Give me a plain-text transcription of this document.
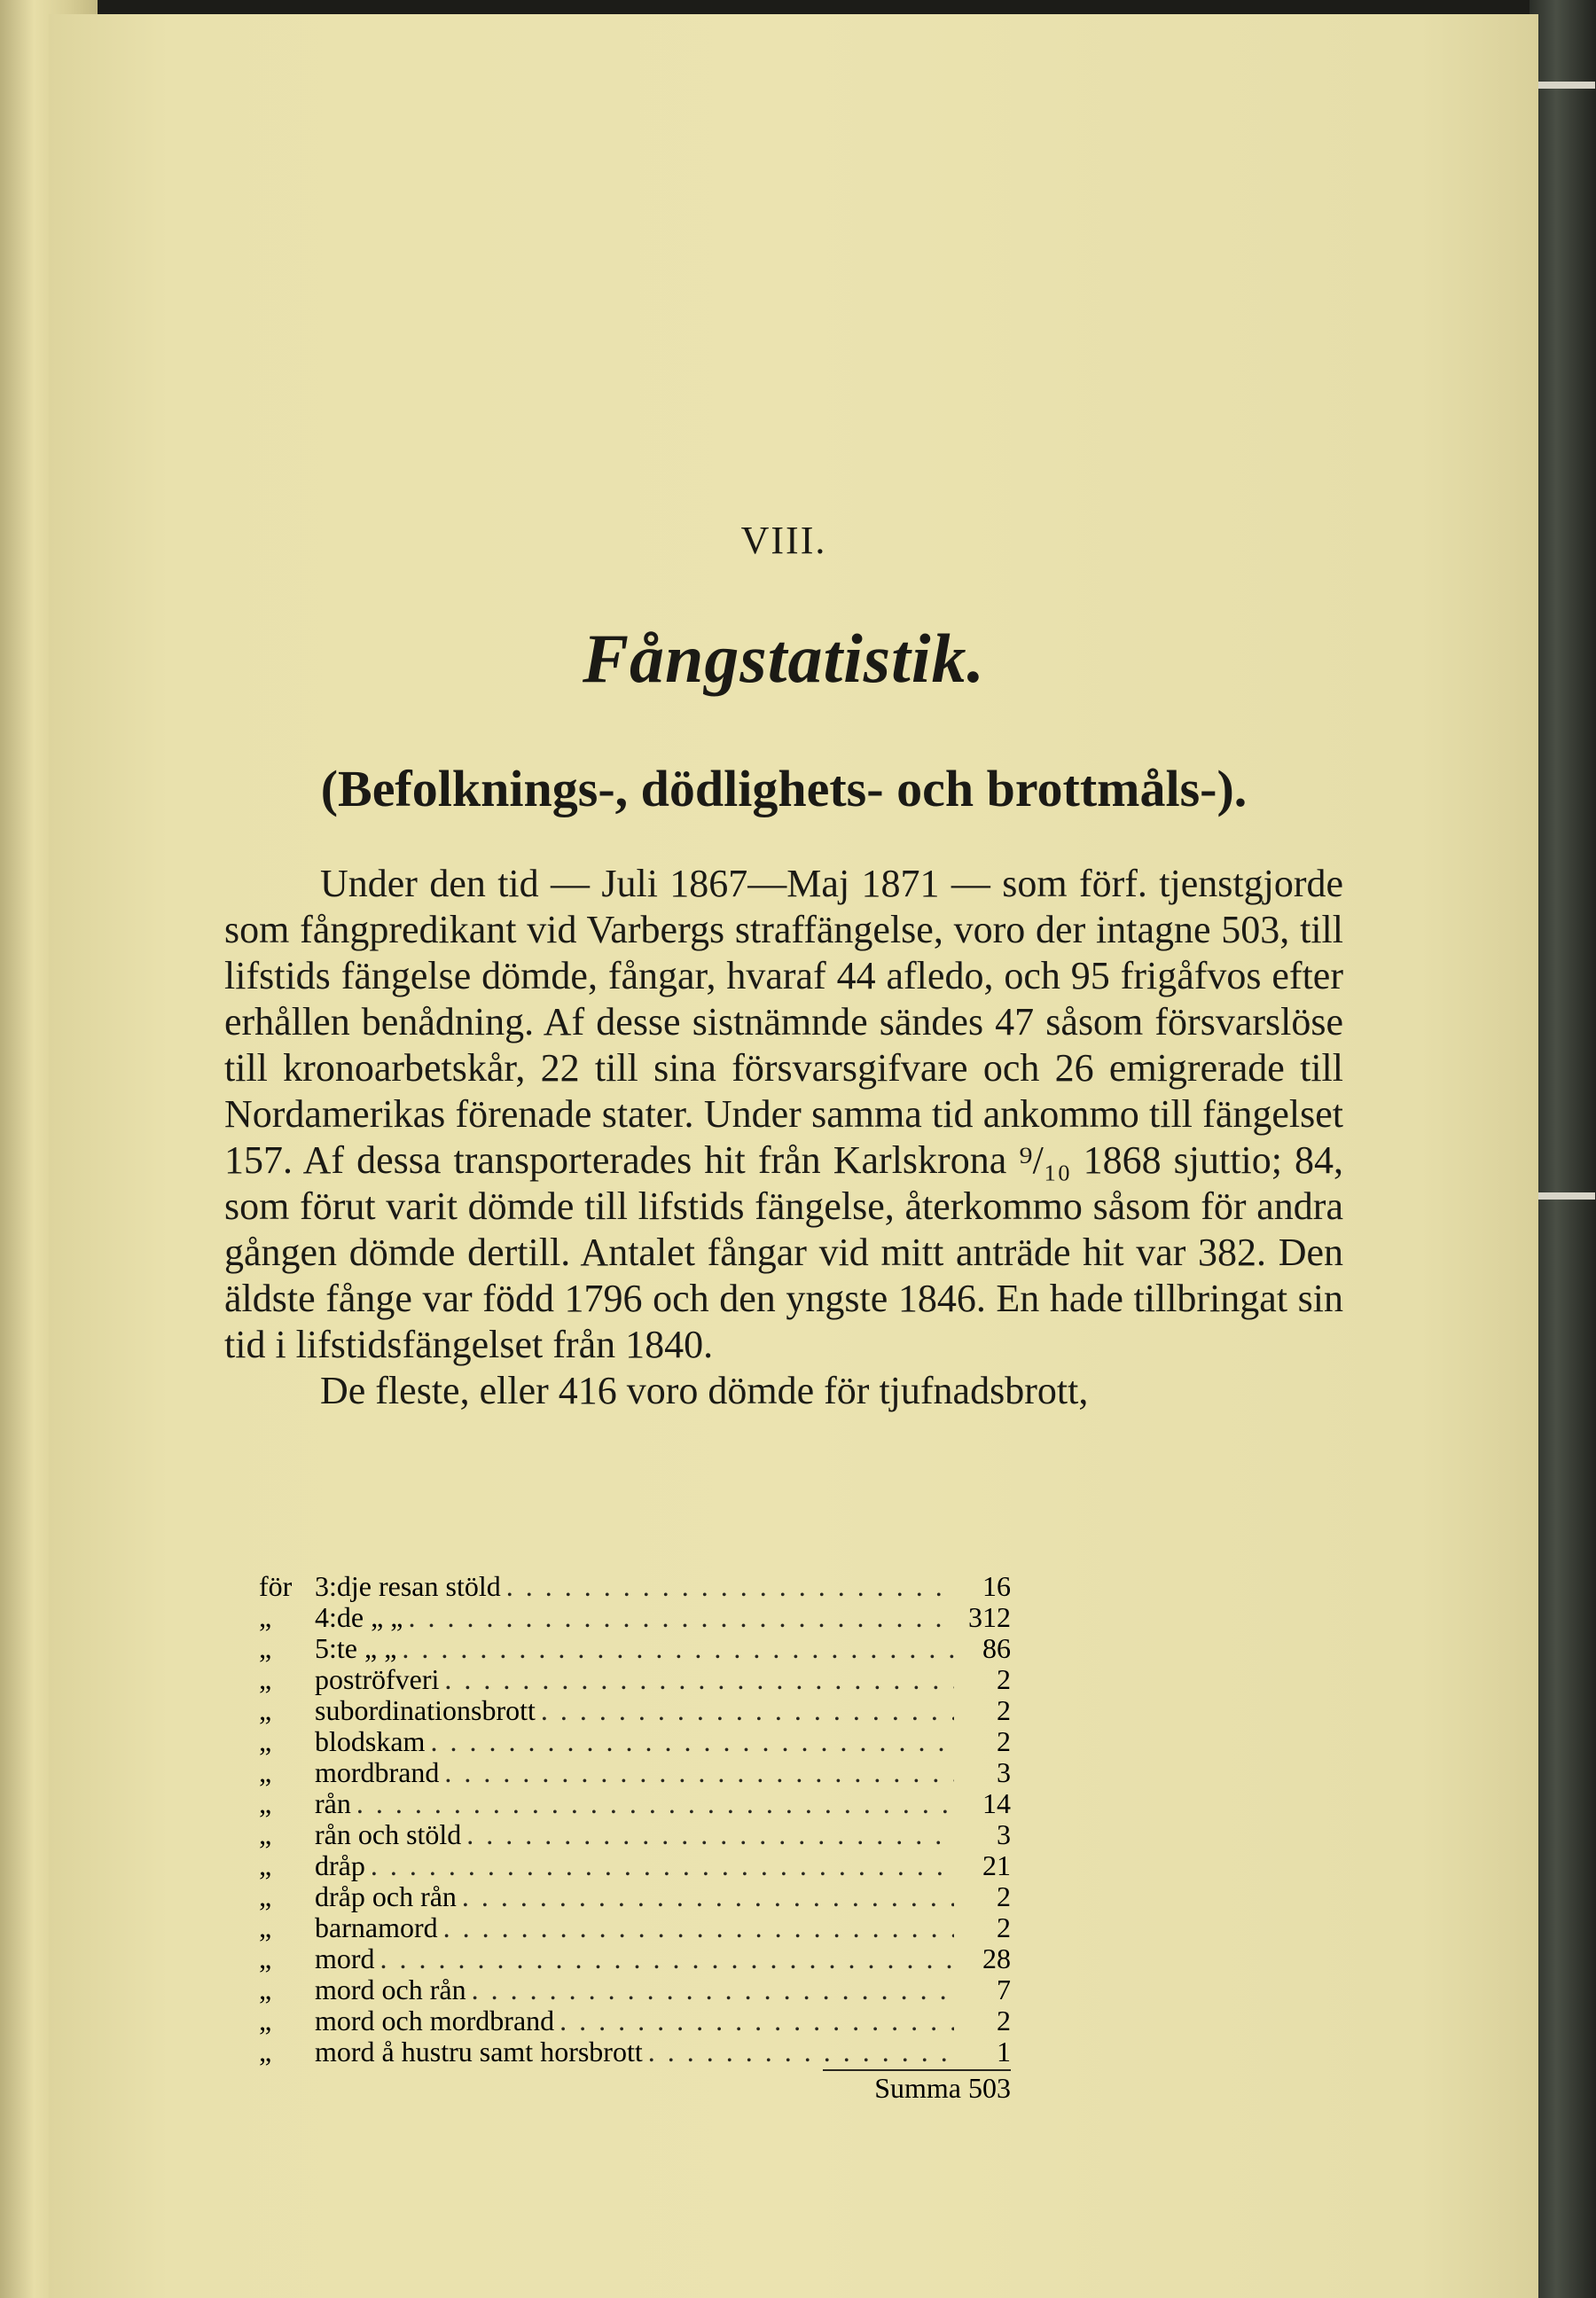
VIII.
Fångstatistik.
(Befolknings-, dödlighets- och brottmåls-).

Under den tid — Juli 1867—Maj 1871 — som förf. tjenstgjorde som fångpredikant vid Varbergs straffängelse, voro der intagne 503, till lifstids fängelse dömde, fångar, hvaraf 44 afledo, och 95 frigåfvos efter erhållen benådning. Af desse sistnämnde sändes 47 såsom försvarslöse till kronoarbetskår, 22 till sina försvarsgifvare och 26 emigrerade till Nordamerikas förenade stater. Under samma tid ankommo till fängelset 157. Af dessa transporterades hit från Karlskrona ⁹/₁₀ 1868 sjuttio; 84, som förut varit dömde till lifstids fängelse, återkommo såsom för andra gången dömde dertill. Antalet fångar vid mitt anträde hit var 382. Den äldste fånge var född 1796 och den yngste 1846. En hade tillbringat sin tid i lifstidsfängelset från 1840.

De fleste, eller 416 voro dömde för tjufnadsbrott,

för 3:dje resan stöld . . .	16
„	4:de „ „ . . .	312
„	5:te „ „ . . .	86
„	poströfveri . . .	2
„	subordinationsbrott . . .	2
„	blodskam . . .	2
„	mordbrand . . .	3
„	rån . . .	14
„	rån och stöld . . .	3
„	dråp . . .	21
„	dråp och rån . . .	2
„	barnamord . . .	2
„	mord . . .	28
„	mord och rån . . .	7
„	mord och mordbrand . . .	2
„	mord å hustru samt horsbrott . . .	1
Summa 503
